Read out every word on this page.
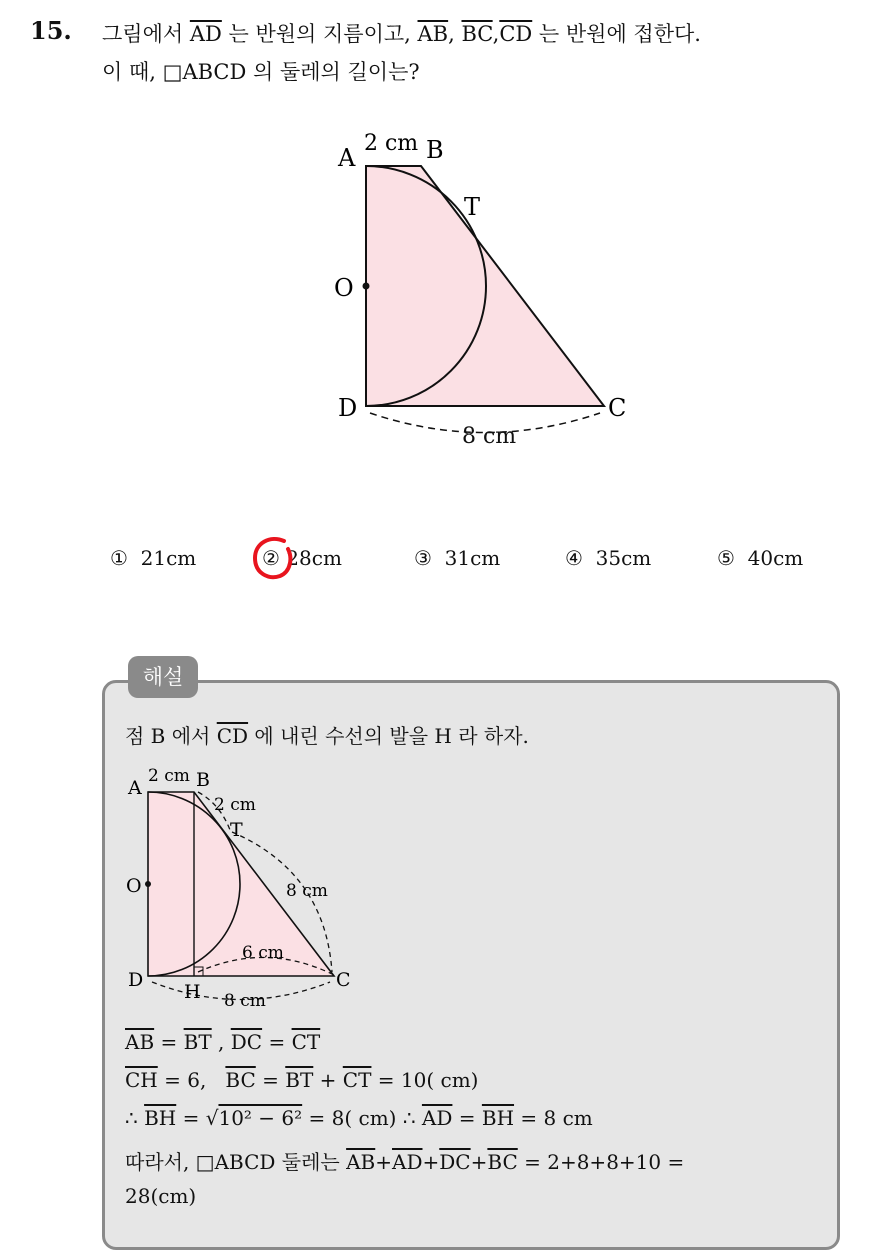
15. 그림에서 $\overline{AD}$ 는 반원의 지름이고, $\overline{AB}$, $\overline{BC},\overline{CD}$ 는 반원에 접한다.
이 때, □ABCD 의 둘레의 길이는?
A	B
C
D
O
T
2 cm
8 cm
① 21cm	② 28cm	③ 31cm	④ 35cm	⑤ 40cm
해설
점 B 에서 $\overline{CD}$ 에 내린 수선의 발을 H 라 하자.
A	B
C
D
O
T
H
2 cm
2 cm
8 cm
6 cm
8 cm
$\overline{AB} = \overline{BT}$ , $\overline{DC} = \overline{CT}$
$\overline{CH} = 6$,   $\overline{BC} = \overline{BT} + \overline{CT} = 10$( cm)
∴ $\overline{BH} = √10^2 - 6^2 = 8$( cm) ∴ $\overline{AD} = \overline{BH} = 8$ cm
따라서, □ABCD 둘레는 $\overline{AB}+\overline{AD}+\overline{DC}+\overline{BC} = 2+8+8+10$ =
28(cm)
